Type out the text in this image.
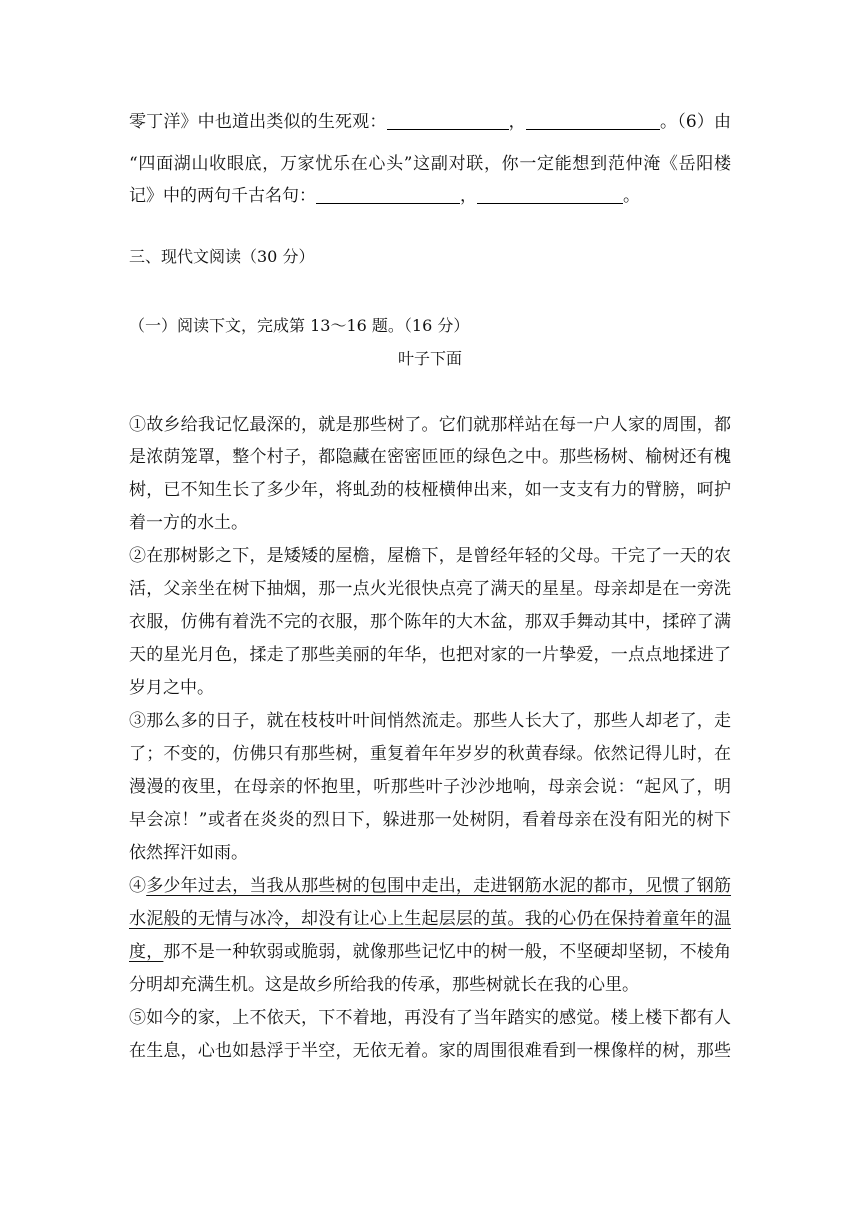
零丁洋》中也道出类似的生死观：	，	。（6）由
“四面湖山收眼底，万家忧乐在心头”这副对联，你一定能想到范仲淹《岳阳楼
记》中的两句千古名句：	，	。
三、现代文阅读（30 分）
（一）阅读下文，完成第 13～16 题。（16 分）
叶子下面
①故乡给我记忆最深的，就是那些树了。它们就那样站在每一户人家的周围，都
是浓荫笼罩，整个村子，都隐藏在密密匝匝的绿色之中。那些杨树、榆树还有槐
树，已不知生长了多少年，将虬劲的枝桠横伸出来，如一支支有力的臂膀，呵护
着一方的水土。
②在那树影之下，是矮矮的屋檐，屋檐下，是曾经年轻的父母。干完了一天的农
活，父亲坐在树下抽烟，那一点火光很快点亮了满天的星星。母亲却是在一旁洗
衣服，仿佛有着洗不完的衣服，那个陈年的大木盆，那双手舞动其中，揉碎了满
天的星光月色，揉走了那些美丽的年华，也把对家的一片挚爱，一点点地揉进了
岁月之中。
③那么多的日子，就在枝枝叶叶间悄然流走。那些人长大了，那些人却老了，走
了；不变的，仿佛只有那些树，重复着年年岁岁的秋黄春绿。依然记得儿时，在
漫漫的夜里，在母亲的怀抱里，听那些叶子沙沙地响，母亲会说：“起风了，明
早会凉！”或者在炎炎的烈日下，躲进那一处树阴，看着母亲在没有阳光的树下
依然挥汗如雨。
④多少年过去，当我从那些树的包围中走出，走进钢筋水泥的都市，见惯了钢筋
水泥般的无情与冰冷，却没有让心上生起层层的茧。我的心仍在保持着童年的温
度，那不是一种软弱或脆弱，就像那些记忆中的树一般，不坚硬却坚韧，不棱角
分明却充满生机。这是故乡所给我的传承，那些树就长在我的心里。
⑤如今的家，上不依天，下不着地，再没有了当年踏实的感觉。楼上楼下都有人
在生息，心也如悬浮于半空，无依无着。家的周围很难看到一棵像样的树，那些
